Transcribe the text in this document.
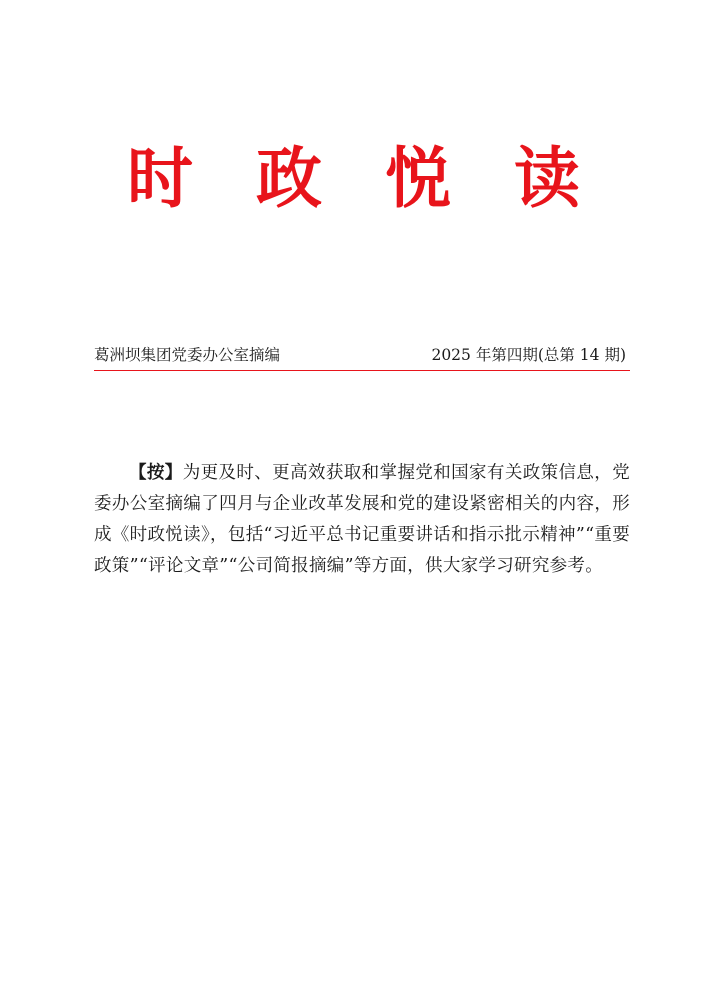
时 政 悦 读
葛洲坝集团党委办公室摘编	2025 年第四期(总第 14 期)

【按】为更及时、更高效获取和掌握党和国家有关政策信息，党委办公室摘编了四月与企业改革发展和党的建设紧密相关的内容，形成《时政悦读》，包括“习近平总书记重要讲话和指示批示精神”“重要政策”“评论文章”“公司简报摘编”等方面，供大家学习研究参考。
